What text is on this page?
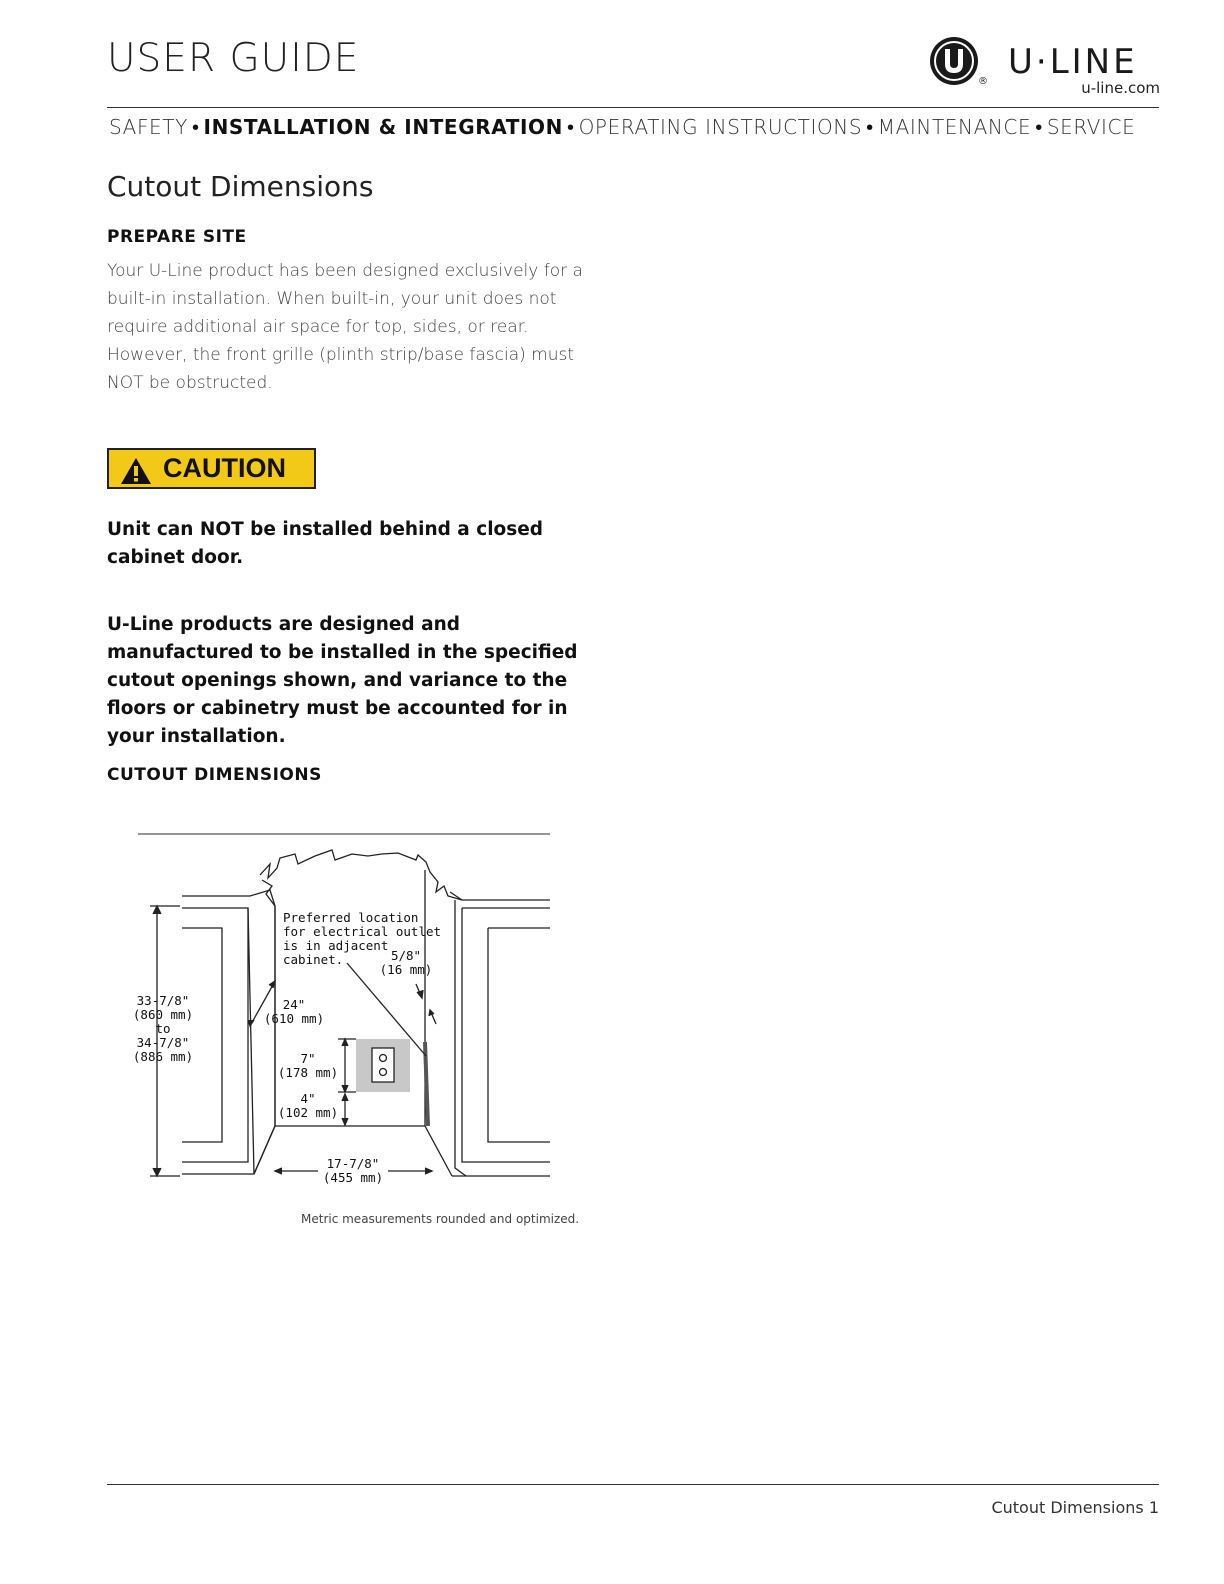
USER GUIDE
® U·LINE
u-line.com
SAFETY • INSTALLATION & INTEGRATION • OPERATING INSTRUCTIONS • MAINTENANCE • SERVICE
Cutout Dimensions
PREPARE SITE
Your U-Line product has been designed exclusively for a built-in installation. When built-in, your unit does not require additional air space for top, sides, or rear. However, the front grille (plinth strip/base fascia) must NOT be obstructed.
CAUTION
Unit can NOT be installed behind a closed cabinet door.
U-Line products are designed and manufactured to be installed in the specified cutout openings shown, and variance to the floors or cabinetry must be accounted for in your installation.
CUTOUT DIMENSIONS
Preferred location
for electrical outlet
is in adjacent
cabinet.
33-7/8"
(860 mm)
to
34-7/8"
(886 mm)
24"
(610 mm)
5/8"
(16 mm)
7"
(178 mm)
4"
(102 mm)
17-7/8"
(455 mm)
Metric measurements rounded and optimized.
Cutout Dimensions 1
